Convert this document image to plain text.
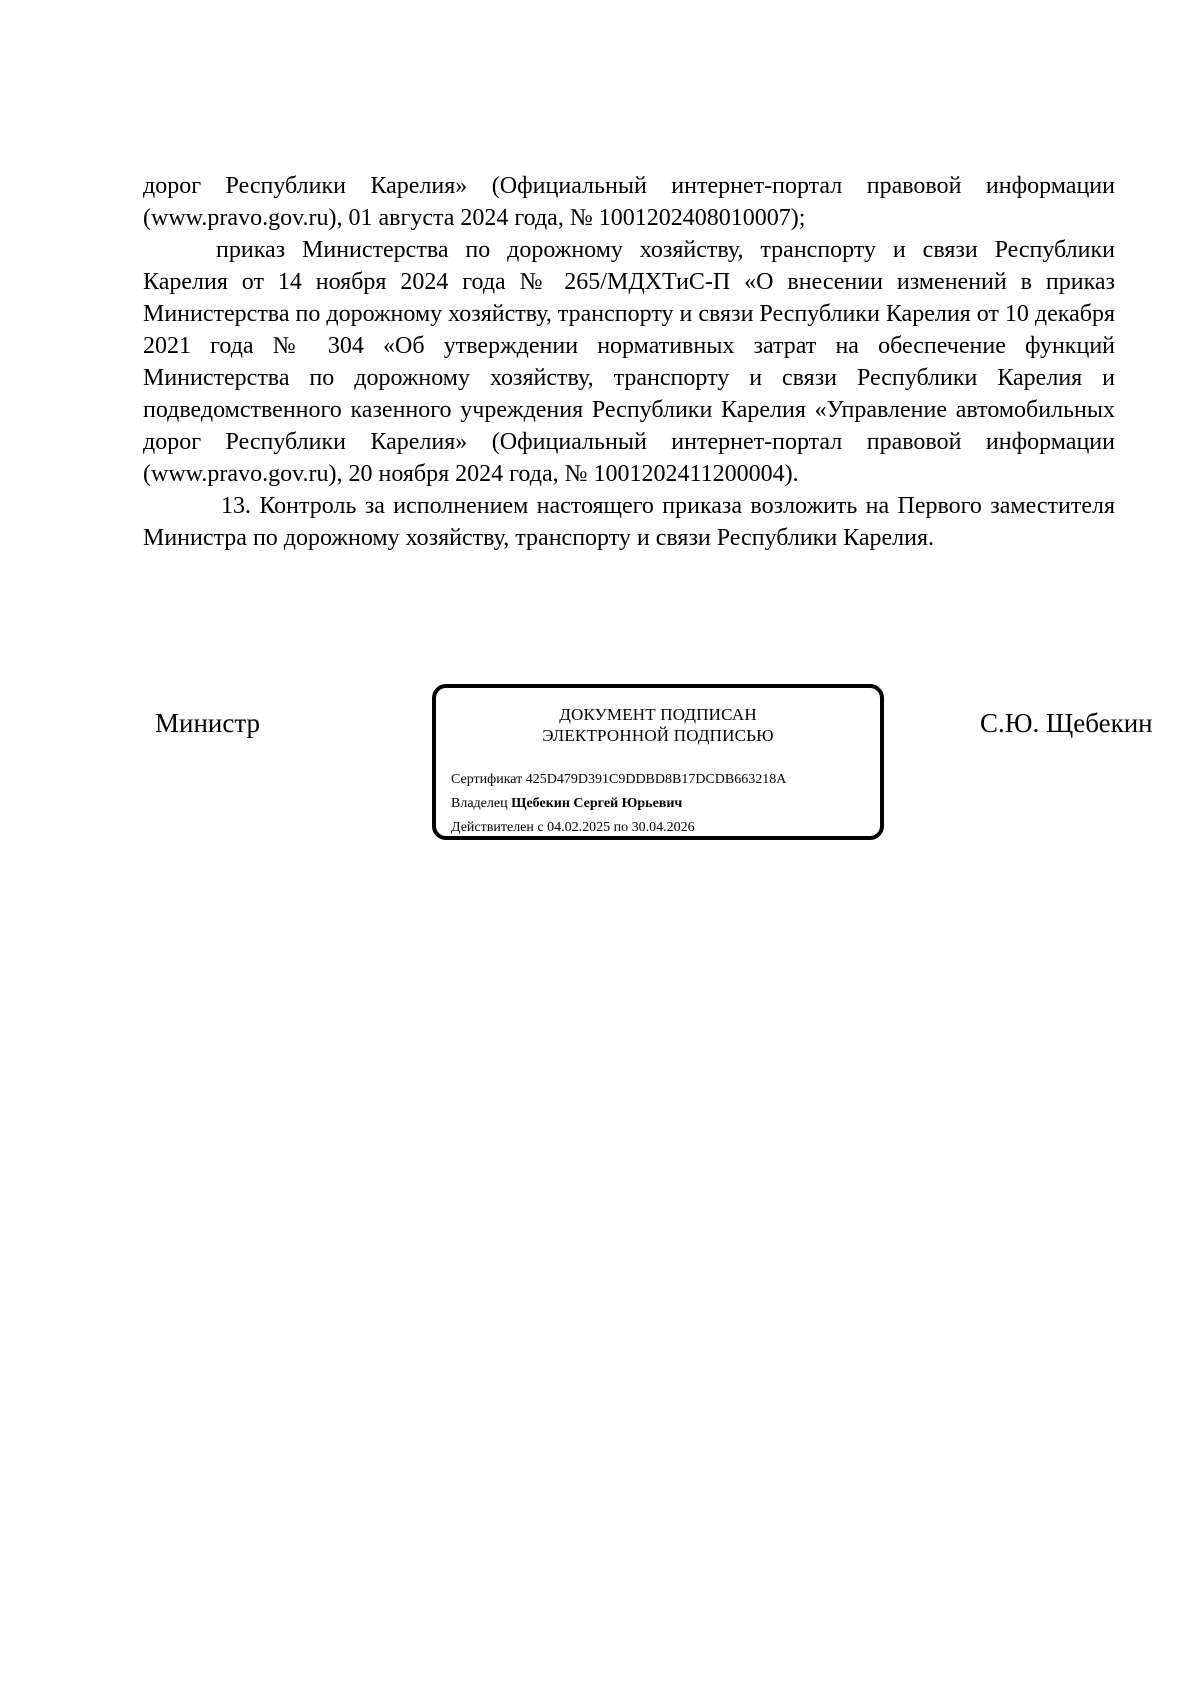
дорог Республики Карелия» (Официальный интернет-портал правовой информации (www.pravo.gov.ru), 01 августа 2024 года, № 1001202408010007);

приказ Министерства по дорожному хозяйству, транспорту и связи Республики Карелия от 14 ноября 2024 года № 265/МДХТиС-П «О внесении изменений в приказ Министерства по дорожному хозяйству, транспорту и связи Республики Карелия от 10 декабря 2021 года № 304 «Об утверждении нормативных затрат на обеспечение функций Министерства по дорожному хозяйству, транспорту и связи Республики Карелия и подведомственного казенного учреждения Республики Карелия «Управление автомобильных дорог Республики Карелия» (Официальный интернет-портал правовой информации (www.pravo.gov.ru), 20 ноября 2024 года, № 1001202411200004).

13. Контроль за исполнением настоящего приказа возложить на Первого заместителя Министра по дорожному хозяйству, транспорту и связи Республики Карелия.

Министр	ДОКУМЕНТ ПОДПИСАН
ЭЛЕКТРОННОЙ ПОДПИСЬЮ
Сертификат 425D479D391C9DDBD8B17DCDB663218A
Владелец Щебекин Сергей Юрьевич
Действителен с 04.02.2025 по 30.04.2026
С.Ю. Щебекин
